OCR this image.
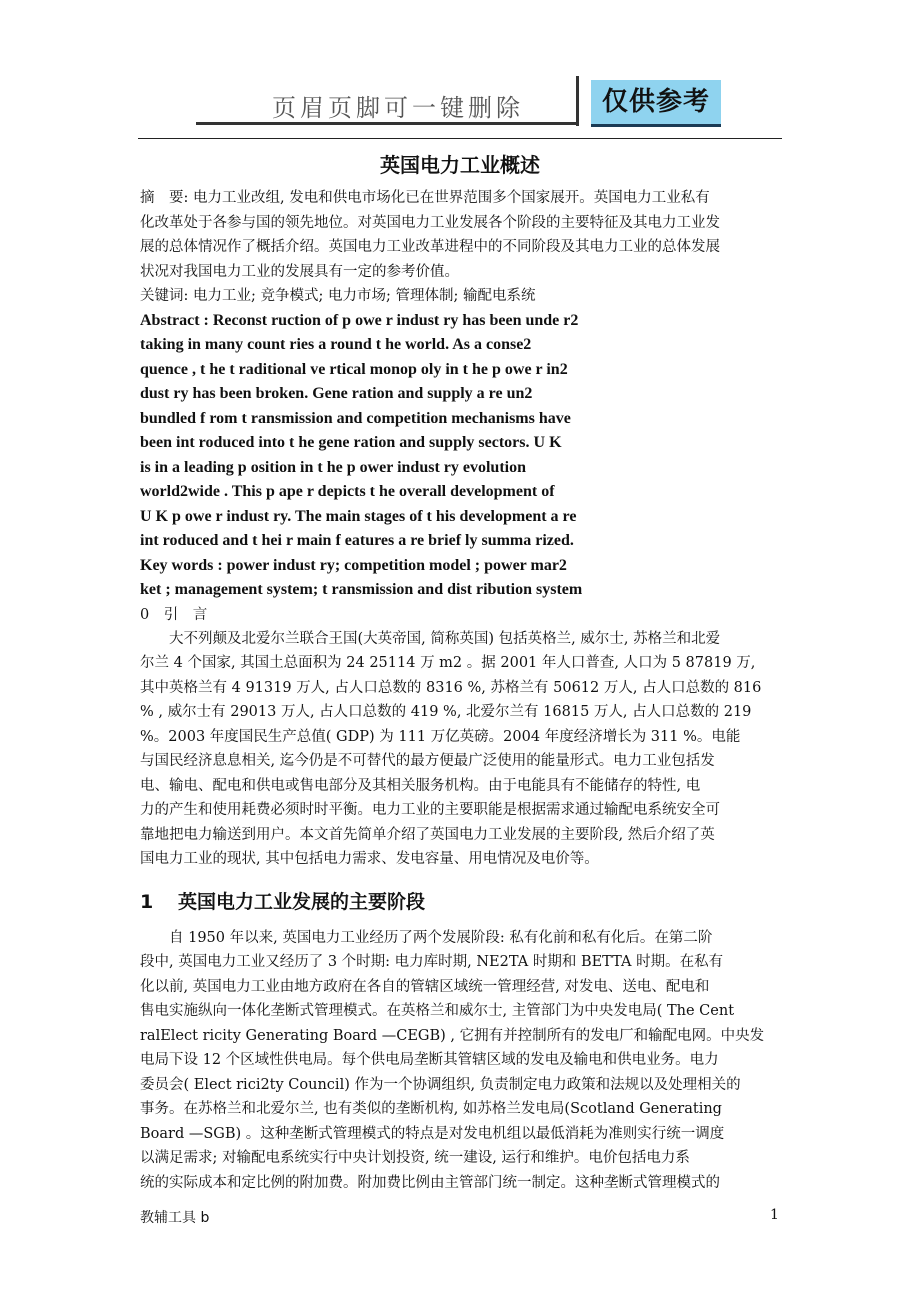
页眉页脚可一键删除	仅供参考
英国电力工业概述
摘　要: 电力工业改组, 发电和供电市场化已在世界范围多个国家展开。英国电力工业私有
化改革处于各参与国的领先地位。对英国电力工业发展各个阶段的主要特征及其电力工业发
展的总体情况作了概括介绍。英国电力工业改革进程中的不同阶段及其电力工业的总体发展
状况对我国电力工业的发展具有一定的参考价值。
关键词: 电力工业; 竞争模式; 电力市场; 管理体制; 输配电系统
Abstract : Reconst ruction of p owe r indust ry has been unde r2
taking in many count ries a round t he world. As a conse2
quence , t he t raditional ve rtical monop oly in t he p owe r in2
dust ry has been broken. Gene ration and supply a re un2
bundled f rom t ransmission and competition mechanisms have
been int roduced into t he gene ration and supply sectors. U K
is in a leading p osition in t he p ower indust ry evolution
world2wide . This p ape r depicts t he overall development of
U K p owe r indust ry. The main stages of t his development a re
int roduced and t hei r main f eatures a re brief ly summa rized.
Key words : power indust ry; competition model ; power mar2
ket ; management system; t ransmission and dist ribution system
0　引　言
　　大不列颠及北爱尔兰联合王国(大英帝国, 简称英国) 包括英格兰, 威尔士, 苏格兰和北爱
尔兰 4 个国家, 其国土总面积为 24 25114 万 m2 。据 2001 年人口普查, 人口为 5 87819 万,
其中英格兰有 4 91319 万人, 占人口总数的 8316 %, 苏格兰有 50612 万人, 占人口总数的 816
% , 威尔士有 29013 万人, 占人口总数的 419 %, 北爱尔兰有 16815 万人, 占人口总数的 219
%。2003 年度国民生产总值( GDP) 为 111 万亿英磅。2004 年度经济增长为 311 %。电能
与国民经济息息相关, 迄今仍是不可替代的最方便最广泛使用的能量形式。电力工业包括发
电、输电、配电和供电或售电部分及其相关服务机构。由于电能具有不能储存的特性, 电
力的产生和使用耗费必须时时平衡。电力工业的主要职能是根据需求通过输配电系统安全可
靠地把电力输送到用户。本文首先简单介绍了英国电力工业发展的主要阶段, 然后介绍了英
国电力工业的现状, 其中包括电力需求、发电容量、用电情况及电价等。
1 英国电力工业发展的主要阶段
　　自 1950 年以来, 英国电力工业经历了两个发展阶段: 私有化前和私有化后。在第二阶
段中, 英国电力工业又经历了 3 个时期: 电力库时期, NE2TA 时期和 BETTA 时期。在私有
化以前, 英国电力工业由地方政府在各自的管辖区域统一管理经营, 对发电、送电、配电和
售电实施纵向一体化垄断式管理模式。在英格兰和威尔士, 主管部门为中央发电局( The Cent
ralElect ricity Generating Board —CEGB) , 它拥有并控制所有的发电厂和输配电网。中央发
电局下设 12 个区域性供电局。每个供电局垄断其管辖区域的发电及输电和供电业务。电力
委员会( Elect rici2ty Council) 作为一个协调组织, 负责制定电力政策和法规以及处理相关的
事务。在苏格兰和北爱尔兰, 也有类似的垄断机构, 如苏格兰发电局(Scotland Generating
Board —SGB) 。这种垄断式管理模式的特点是对发电机组以最低消耗为准则实行统一调度
以满足需求; 对输配电系统实行中央计划投资, 统一建设, 运行和维护。电价包括电力系
统的实际成本和定比例的附加费。附加费比例由主管部门统一制定。这种垄断式管理模式的
教辅工具 b	1
